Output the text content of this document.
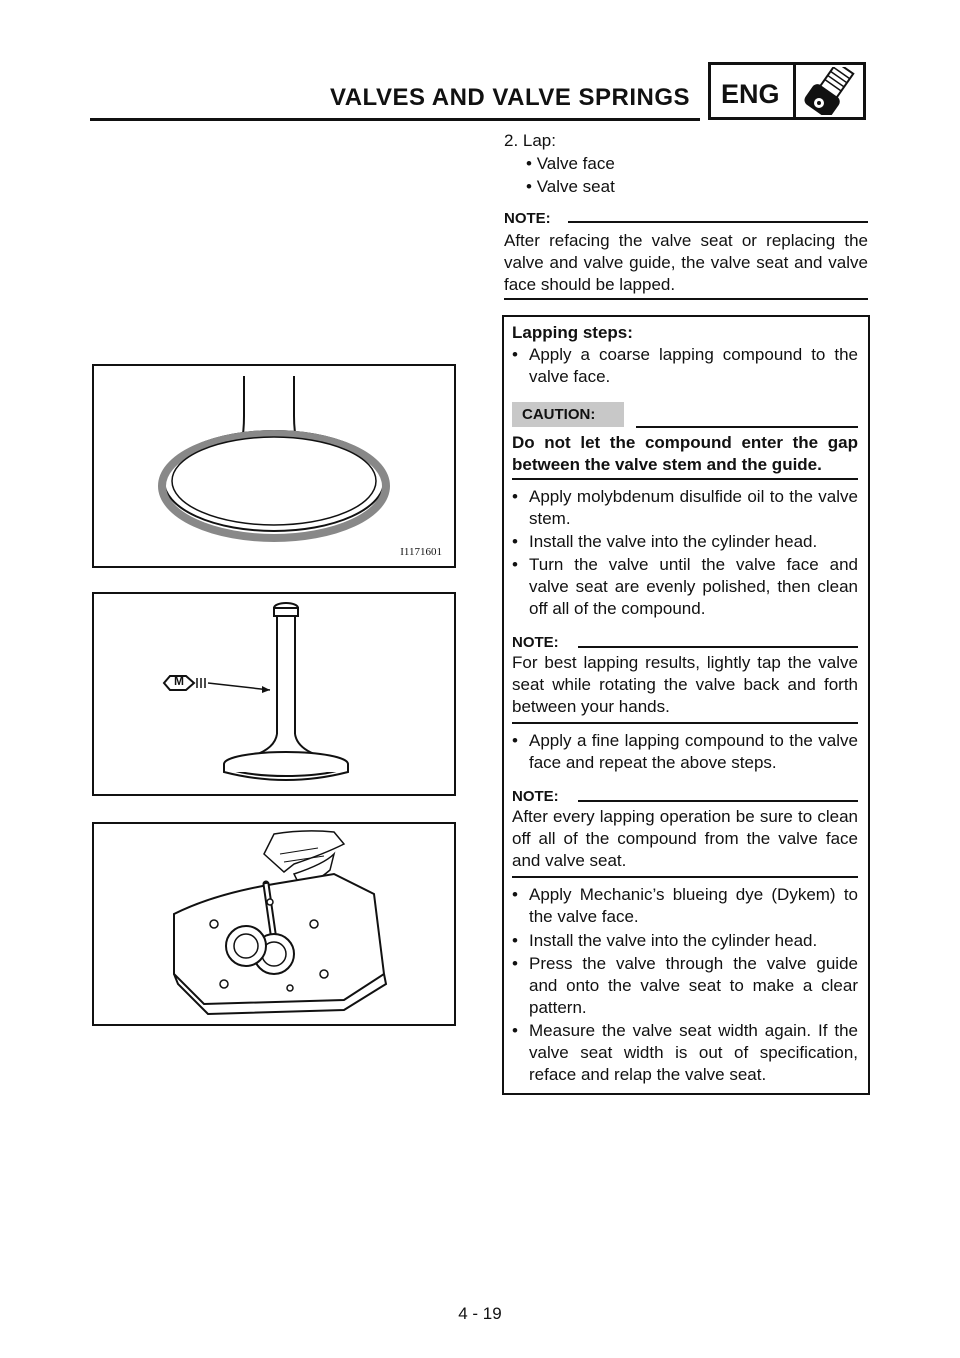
VALVES AND VALVE SPRINGS ENG
I1171601
M
2. Lap:
• Valve face
• Valve seat
NOTE:
After refacing the valve seat or replacing the valve and valve guide, the valve seat and valve face should be lapped.
Lapping steps:
• Apply a coarse lapping compound to the valve face.
CAUTION:
Do not let the compound enter the gap between the valve stem and the guide.
• Apply molybdenum disulfide oil to the valve stem.
• Install the valve into the cylinder head.
• Turn the valve until the valve face and valve seat are evenly polished, then clean off all of the compound.
NOTE:
For best lapping results, lightly tap the valve seat while rotating the valve back and forth between your hands.
• Apply a fine lapping compound to the valve face and repeat the above steps.
NOTE:
After every lapping operation be sure to clean off all of the compound from the valve face and valve seat.
• Apply Mechanic’s blueing dye (Dykem) to the valve face.
• Install the valve into the cylinder head.
• Press the valve through the valve guide and onto the valve seat to make a clear pattern.
• Measure the valve seat width again. If the valve seat width is out of specification, reface and relap the valve seat.
4 - 19
